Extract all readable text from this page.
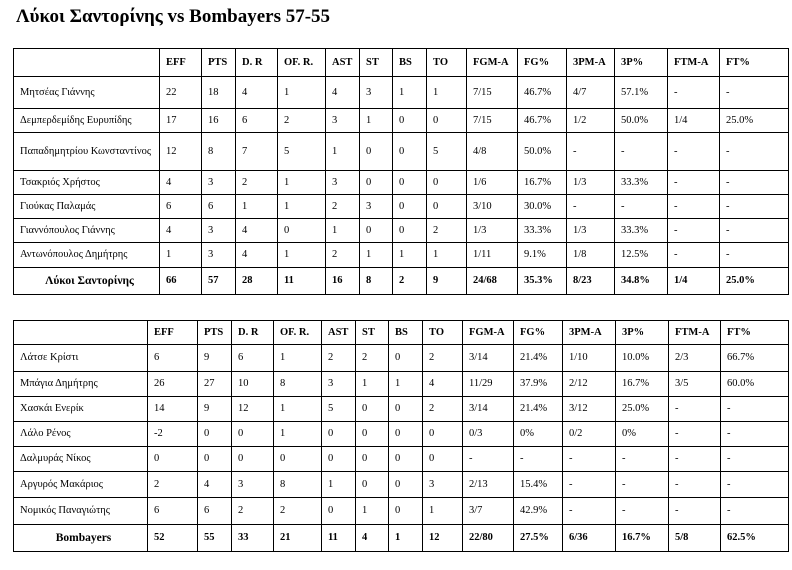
Λύκοι Σαντορίνης vs Bombayers 57-55
	EFF	PTS	D. R	OF. R.	AST	ST	BS	TO	FGM-A	FG%	3PM-A	3P%	FTM-A	FT%
Μητσέας Γιάννης	22	18	4	1	4	3	1	1	7/15	46.7%	4/7	57.1%	-	-
Δεμπερδεμίδης Ευρυπίδης	17	16	6	2	3	1	0	0	7/15	46.7%	1/2	50.0%	1/4	25.0%
Παπαδημητρίου Κωνσταντίνος	12	8	7	5	1	0	0	5	4/8	50.0%	-	-	-	-
Τσακριός Χρήστος	4	3	2	1	3	0	0	0	1/6	16.7%	1/3	33.3%	-	-
Γιούκας Παλαμάς	6	6	1	1	2	3	0	0	3/10	30.0%	-	-	-	-
Γιαννόπουλος Γιάννης	4	3	4	0	1	0	0	2	1/3	33.3%	1/3	33.3%	-	-
Αντωνόπουλος Δημήτρης	1	3	4	1	2	1	1	1	1/11	9.1%	1/8	12.5%	-	-
Λύκοι Σαντορίνης	66	57	28	11	16	8	2	9	24/68	35.3%	8/23	34.8%	1/4	25.0%
	EFF	PTS	D. R	OF. R.	AST	ST	BS	TO	FGM-A	FG%	3PM-A	3P%	FTM-A	FT%
Λάτσε Κρίστι	6	9	6	1	2	2	0	2	3/14	21.4%	1/10	10.0%	2/3	66.7%
Μπάγια Δημήτρης	26	27	10	8	3	1	1	4	11/29	37.9%	2/12	16.7%	3/5	60.0%
Χασκάι Ενερίκ	14	9	12	1	5	0	0	2	3/14	21.4%	3/12	25.0%	-	-
Λάλο Ρένος	-2	0	0	1	0	0	0	0	0/3	0%	0/2	0%	-	-
Δαλμυράς Νίκος	0	0	0	0	0	0	0	0	-	-	-	-	-	-
Αργυρός Μακάριος	2	4	3	8	1	0	0	3	2/13	15.4%	-	-	-	-
Νομικός Παναγιώτης	6	6	2	2	0	1	0	1	3/7	42.9%	-	-	-	-
Bombayers	52	55	33	21	11	4	1	12	22/80	27.5%	6/36	16.7%	5/8	62.5%
